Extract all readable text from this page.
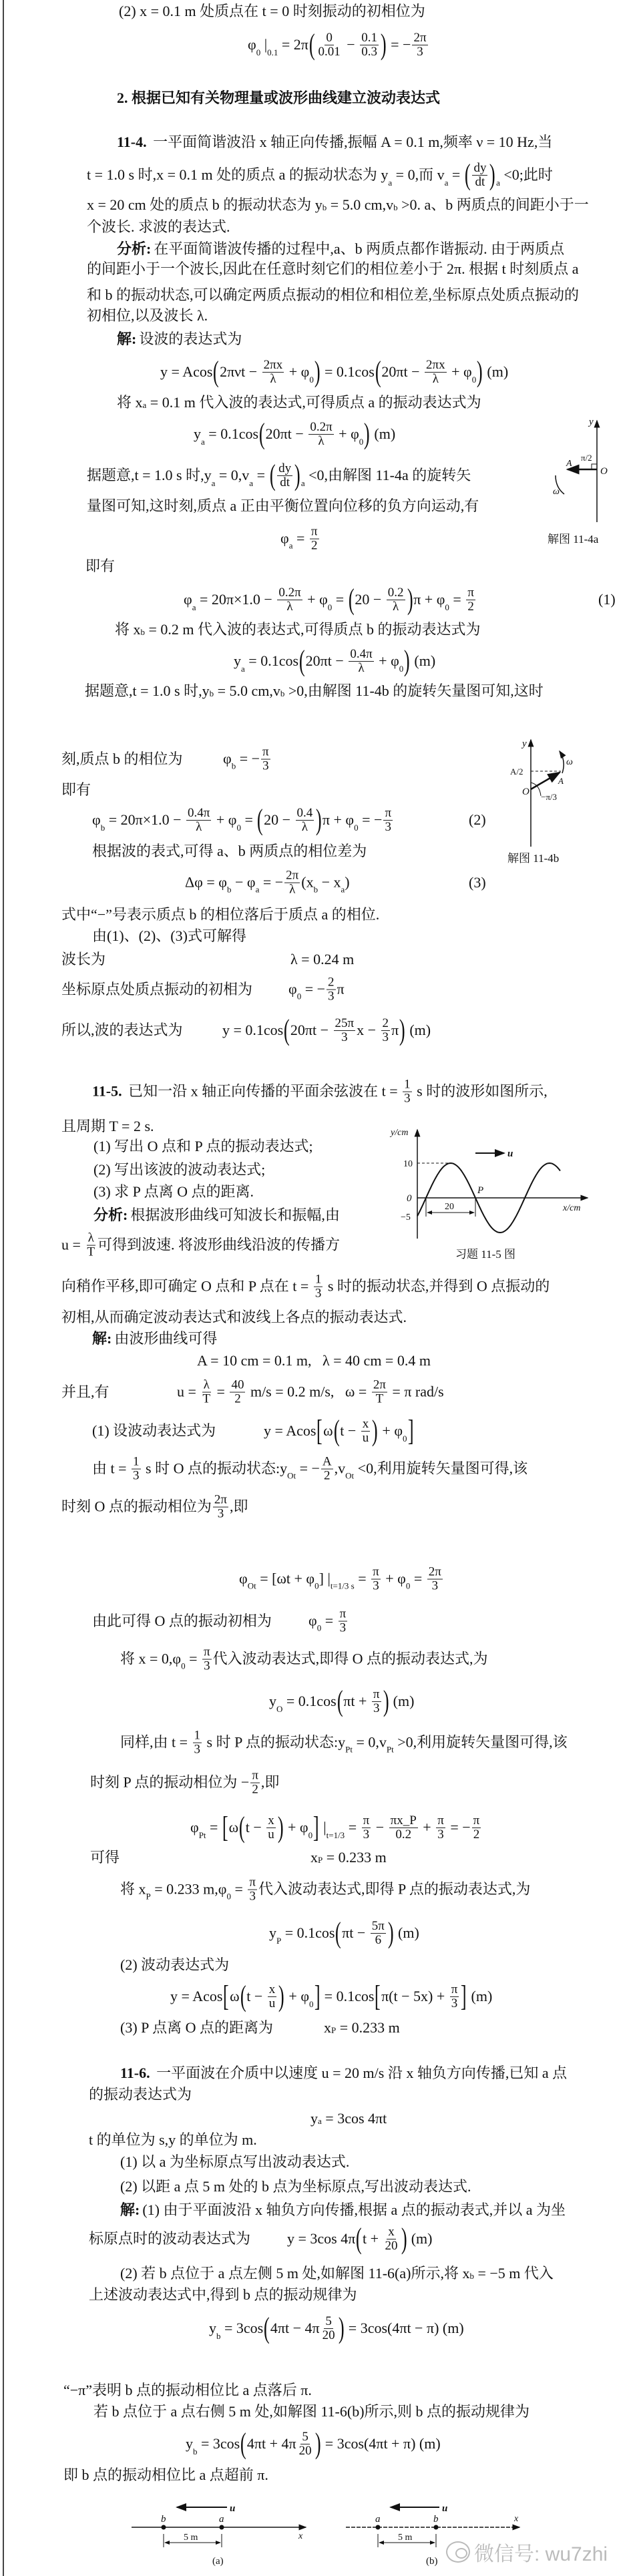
(2) x = 0.1 m 处质点在 t = 0 时刻振动的初相位为
φ
0
|
0.1
= 2π ( $\frac{0}{0.01} - \frac{0.1}{0.3}$ ) = − $\frac{2\pi}{3}$
2. 根据已知有关物理量或波形曲线建立波动表达式
11-4. 一平面简谐波沿 x 轴正向传播,振幅 A = 0.1 m,频率 ν = 10 Hz,当
t = 1.0 s 时,x = 0.1 m 处的质点 a 的振动状态为 y
a
= 0,而 v
a
= ( $\frac{dy}{dt}$ ) a
<0;此时
x = 20 cm 处的质点 b 的振动状态为 y b = 5.0 cm,v b >0. a、b 两质点的间距小于一
个波长. 求波的表达式.
分析: 在平面简谐波传播的过程中,a、b 两质点都作谐振动. 由于两质点
的间距小于一个波长,因此在任意时刻它们的相位差小于 2π. 根据 t 时刻质点 a
和 b 的振动状态,可以确定两质点振动的相位和相位差,坐标原点处质点振动的
初相位,以及波长 λ.
解: 设波的表达式为
y = Acos ( $2\pi\nu t - \frac{2\pi x}{\lambda} + \varphi$
0 ) = 0.1cos ( $20\pi t - \frac{2\pi x}{\lambda} + \varphi$
0 ) (m)
将 x a = 0.1 m 代入波的表达式,可得质点 a 的振动表达式为
y
a
= 0.1cos ( $20\pi t - \frac{0.2\pi}{\lambda} + \varphi$
0 ) (m)
据题意,t = 1.0 s 时,y
a
= 0,v
a
= ( $\frac{dy}{dt}$ ) a
<0,由解图 11-4a 的旋转矢
量图可知,这时刻,质点 a 正由平衡位置向位移的负方向运动,有
φ $a = \frac{\pi}{2}$
即有
φ
a
= $20\pi\times 1.0 - \frac{0.2\pi}{\lambda} + \varphi$
0
= ( $20 - \frac{0.2}{\lambda}$ ) π + φ
0
= $\frac{\pi}{2}$	(1)
将 x b = 0.2 m 代入波的表达式,可得质点 b 的振动表达式为
y
a
= 0.1cos ( $20\pi t - \frac{0.4\pi}{\lambda} + \varphi$
0 ) (m)
据题意,t = 1.0 s 时,y b = 5.0 cm,v b >0,由解图 11-4b 的旋转矢量图可知,这时
刻,质点 b 的相位为	φ b = − $\frac{\pi}{3}$
即有
φ
b
= $20\pi\times 1.0 - \frac{0.4\pi}{\lambda} + \varphi$
0
= ( $20 - \frac{0.4}{\lambda}$ ) π + φ
0
= − $\frac{\pi}{3}$	(2)
根据波的表式,可得 a、b 两质点的相位差为
Δφ = φ b − φ a = − $\frac{2\pi}{\lambda} (x$ b − x a )	(3)
式中“−”号表示质点 b 的相位落后于质点 a 的相位.
由(1)、(2)、(3)式可解得
波长为	λ = 0.24 m
坐标原点处质点振动的初相为 φ 0 = − $\frac{2}{3}$ π
所以,波的表达式为	y = 0.1cos ( $20\pi t - \frac{25\pi}{3}$ $x - \frac{2}{3}$ π ) (m)
11-5. 已知一沿 x 轴正向传播的平面余弦波在 $t = \frac{1}{3}$ s 时的波形如图所示,
且周期 T = 2 s.
(1) 写出 O 点和 P 点的振动表达式;
(2) 写出该波的波动表达式;
(3) 求 P 点离 O 点的距离.
分析: 根据波形曲线可知波长和振幅,由
$u = \frac{\lambda}{T}$ 可得到波速. 将波形曲线沿波的传播方
向稍作平移,即可确定 O 点和 P 点在 $t = \frac{1}{3}$ s 时的振动状态,并得到 O 点振动的
初相,从而确定波动表达式和波线上各点的振动表达式.
解: 由波形曲线可得
A = 10 cm = 0.1 m,   λ = 40 cm = 0.4 m
并且,有	$u = \frac{\lambda}{T} = \frac{40}{2} m/s = 0.2$ m/s,   $\omega = \frac{2\pi}{T} = \pi$ rad/s
(1) 设波动表达式为	y = Acos [ ω ( $t - \frac{x}{u}$ ) + φ
0 ]
由 $t = \frac{1}{3}$ s 时 O 点的振动状态:y Ot = − $\frac{A}{2} ,v$ Ot <0,利用旋转矢量图可得,该
时刻 O 点的振动相位为 $\frac{2\pi}{3}$ ,即
φ Ot = [ωt + φ 0 ] | t=1/3 $s = \frac{\pi}{3} + \varphi$ $0 = \frac{2\pi}{3}$
由此可得 O 点的振动初相为	φ $0 = \frac{\pi}{3}$
将 x = 0,φ $0 = \frac{\pi}{3}$ 代入波动表达式,即得 O 点的振动表达式,为
y
O
= 0.1cos ( $\pi t + \frac{\pi}{3}$ ) (m)
同样,由 $t = \frac{1}{3}$ s 时 P 点的振动状态:y Pt = 0,v Pt >0,利用旋转矢量图可得,该
时刻 P 点的振动相位为 − $\frac{\pi}{2}$ ,即
φ
Pt
= [ ω ( $t - \frac{x}{u}$ ) + φ
0 ] |
t=1/3
= $\frac{\pi}{3} - \frac{\pi x\_P}{0.2} + \frac{\pi}{3}$ = − $\frac{\pi}{2}$
可得	x P = 0.233 m
将 x P = 0.233 m,φ $0 = \frac{\pi}{3}$ 代入波动表达式,即得 P 点的振动表达式,为
y
P
= 0.1cos ( $\pi t - \frac{5\pi}{6}$ ) (m)
(2) 波动表达式为
y = Acos [ ω ( $t - \frac{x}{u}$ ) + φ
0 ] = 0.1cos [ $\pi(t - 5x) + \frac{\pi}{3}$ ] (m)
(3) P 点离 O 点的距离为	x P = 0.233 m
11-6. 一平面波在介质中以速度 u = 20 m/s 沿 x 轴负方向传播,已知 a 点
的振动表达式为
y a = 3cos 4πt
t 的单位为 s,y 的单位为 m.
(1) 以 a 为坐标原点写出波动表达式.
(2) 以距 a 点 5 m 处的 b 点为坐标原点,写出波动表达式.
解: (1) 由于平面波沿 x 轴负方向传播,根据 a 点的振动表式,并以 a 为坐
标原点时的波动表达式为 y = 3cos 4π ( $t + \frac{x}{20}$ ) (m)
(2) 若 b 点位于 a 点左侧 5 m 处,如解图 11-6(a)所示,将 x b = −5 m 代入
上述波动表达式中,得到 b 点的振动规律为
y
b
= 3cos ( $4\pi t - 4\pi \frac{5}{20}$ ) = 3cos(4πt − π) (m)
“−π”表明 b 点的振动相位比 a 点落后 π.
若 b 点位于 a 点右侧 5 m 处,如解图 11-6(b)所示,则 b 点的振动规律为
y
b
= 3cos ( $4\pi t + 4\pi \frac{5}{20}$ ) = 3cos(4πt + π) (m)
即 b 点的振动相位比 a 点超前 π.
y
π/2
A
O
ω
解图 11-4a
y
ω
A/2
A
O −π/3
解图 11-4b
y/cm
u
10
0
−5
P
20	x/cm
习题 11-5 图
u
b	a
x
5 m
(a)
u
a	b	x
5 m
(b) 微信号: wu7zhi
